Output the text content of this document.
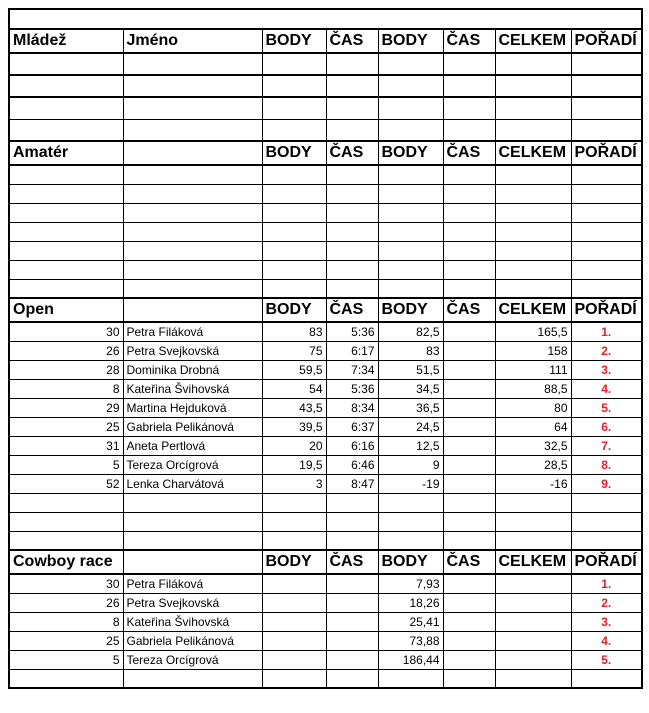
Mládež	Jméno	BODY	ČAS	BODY	ČAS	CELKEM	POŘADÍ

Amatér		BODY	ČAS	BODY	ČAS	CELKEM	POŘADÍ

Open		BODY	ČAS	BODY	ČAS	CELKEM	POŘADÍ
30	Petra Filáková	83	5:36	82,5		165,5	1.
26	Petra Svejkovská	75	6:17	83		158	2.
28	Dominika Drobná	59,5	7:34	51,5		111	3.
8	Kateřina Švihovská	54	5:36	34,5		88,5	4.
29	Martina Hejduková	43,5	8:34	36,5		80	5.
25	Gabriela Pelikánová	39,5	6:37	24,5		64	6.
31	Aneta Pertlová	20	6:16	12,5		32,5	7.
5	Tereza Orcígrová	19,5	6:46	9		28,5	8.
52	Lenka Charvátová	3	8:47	-19		-16	9.

Cowboy race		BODY	ČAS	BODY	ČAS	CELKEM	POŘADÍ
30	Petra Filáková			7,93			1.
26	Petra Svejkovská			18,26			2.
8	Kateřina Švihovská			25,41			3.
25	Gabriela Pelikánová			73,88			4.
5	Tereza Orcígrová			186,44			5.
